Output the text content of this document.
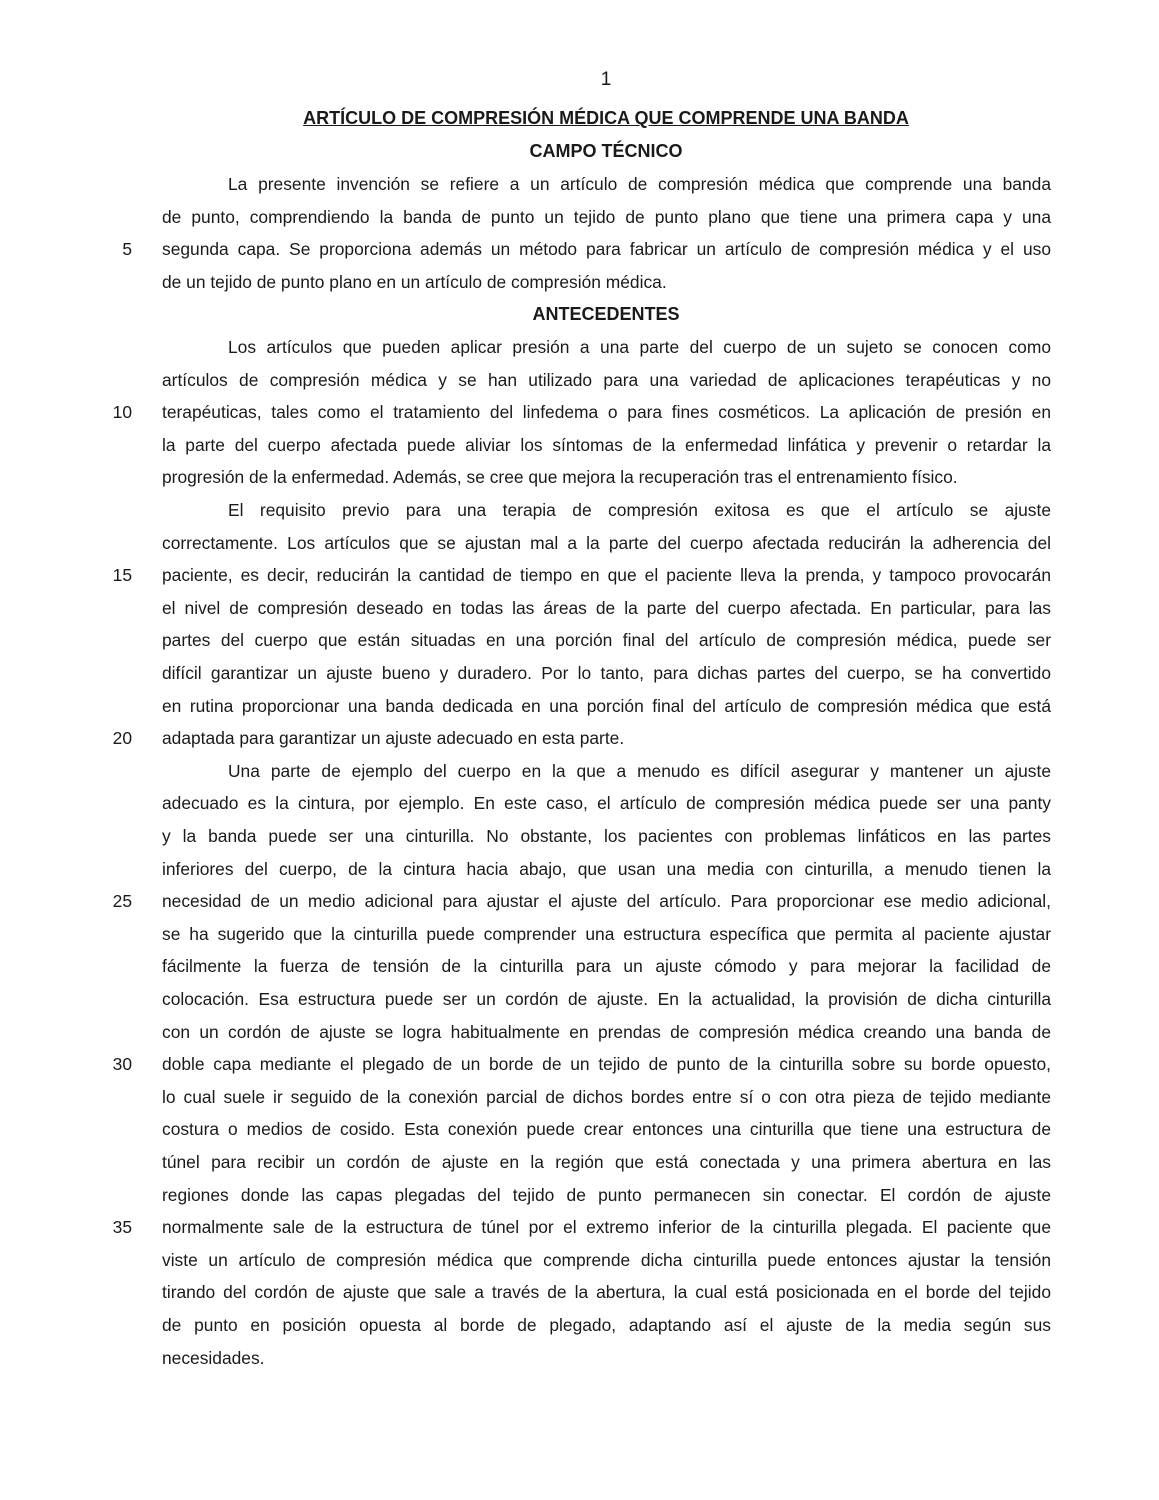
1
ARTÍCULO DE COMPRESIÓN MÉDICA QUE COMPRENDE UNA BANDA
CAMPO TÉCNICO
La presente invención se refiere a un artículo de compresión médica que comprende una banda
de punto, comprendiendo la banda de punto un tejido de punto plano que tiene una primera capa y una
segunda capa. Se proporciona además un método para fabricar un artículo de compresión médica y el uso
de un tejido de punto plano en un artículo de compresión médica.
ANTECEDENTES
Los artículos que pueden aplicar presión a una parte del cuerpo de un sujeto se conocen como
artículos de compresión médica y se han utilizado para una variedad de aplicaciones terapéuticas y no
terapéuticas, tales como el tratamiento del linfedema o para fines cosméticos. La aplicación de presión en
la parte del cuerpo afectada puede aliviar los síntomas de la enfermedad linfática y prevenir o retardar la
progresión de la enfermedad. Además, se cree que mejora la recuperación tras el entrenamiento físico.
El requisito previo para una terapia de compresión exitosa es que el artículo se ajuste
correctamente. Los artículos que se ajustan mal a la parte del cuerpo afectada reducirán la adherencia del
paciente, es decir, reducirán la cantidad de tiempo en que el paciente lleva la prenda, y tampoco provocarán
el nivel de compresión deseado en todas las áreas de la parte del cuerpo afectada. En particular, para las
partes del cuerpo que están situadas en una porción final del artículo de compresión médica, puede ser
difícil garantizar un ajuste bueno y duradero. Por lo tanto, para dichas partes del cuerpo, se ha convertido
en rutina proporcionar una banda dedicada en una porción final del artículo de compresión médica que está
adaptada para garantizar un ajuste adecuado en esta parte.
Una parte de ejemplo del cuerpo en la que a menudo es difícil asegurar y mantener un ajuste
adecuado es la cintura, por ejemplo. En este caso, el artículo de compresión médica puede ser una panty
y la banda puede ser una cinturilla. No obstante, los pacientes con problemas linfáticos en las partes
inferiores del cuerpo, de la cintura hacia abajo, que usan una media con cinturilla, a menudo tienen la
necesidad de un medio adicional para ajustar el ajuste del artículo. Para proporcionar ese medio adicional,
se ha sugerido que la cinturilla puede comprender una estructura específica que permita al paciente ajustar
fácilmente la fuerza de tensión de la cinturilla para un ajuste cómodo y para mejorar la facilidad de
colocación. Esa estructura puede ser un cordón de ajuste. En la actualidad, la provisión de dicha cinturilla
con un cordón de ajuste se logra habitualmente en prendas de compresión médica creando una banda de
doble capa mediante el plegado de un borde de un tejido de punto de la cinturilla sobre su borde opuesto,
lo cual suele ir seguido de la conexión parcial de dichos bordes entre sí o con otra pieza de tejido mediante
costura o medios de cosido. Esta conexión puede crear entonces una cinturilla que tiene una estructura de
túnel para recibir un cordón de ajuste en la región que está conectada y una primera abertura en las
regiones donde las capas plegadas del tejido de punto permanecen sin conectar. El cordón de ajuste
normalmente sale de la estructura de túnel por el extremo inferior de la cinturilla plegada. El paciente que
viste un artículo de compresión médica que comprende dicha cinturilla puede entonces ajustar la tensión
tirando del cordón de ajuste que sale a través de la abertura, la cual está posicionada en el borde del tejido
de punto en posición opuesta al borde de plegado, adaptando así el ajuste de la media según sus
necesidades.
5
10
15
20
25
30
35
